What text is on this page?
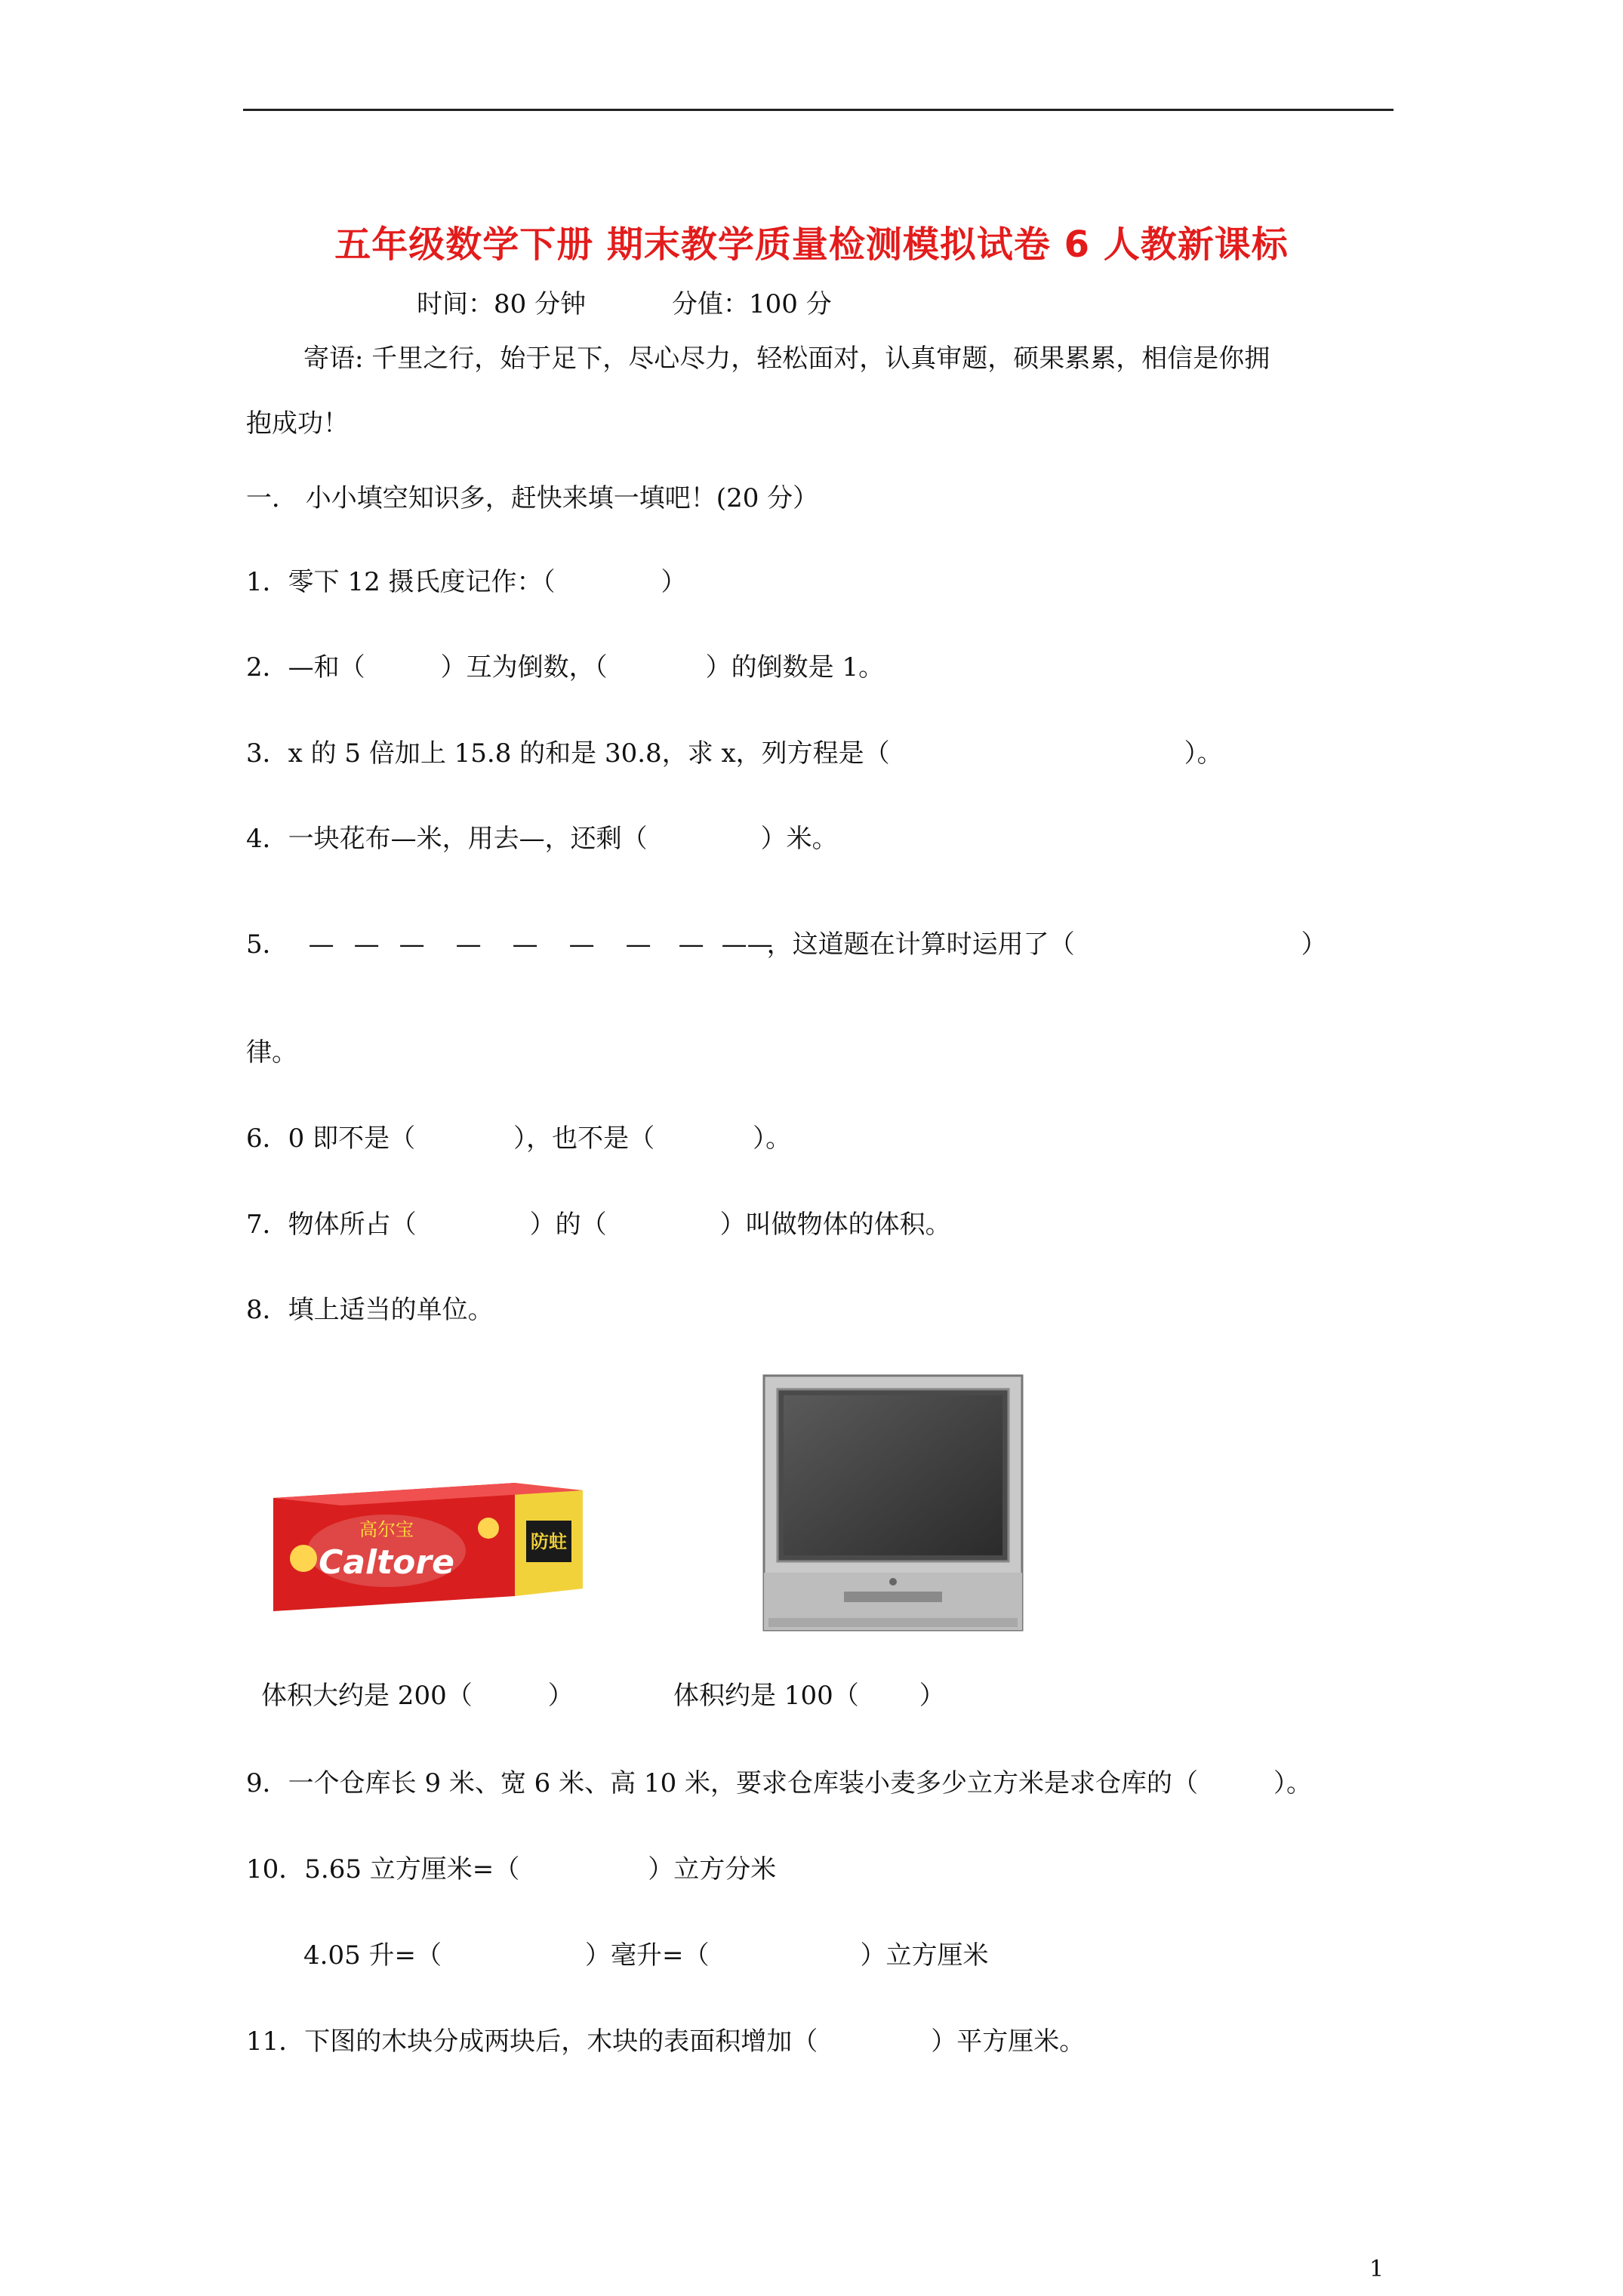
五年级数学下册 期末教学质量检测模拟试卷 6 人教新课标
时间：80 分钟	分值：100 分
寄语: 千里之行，始于足下，尽心尽力，轻松面对，认真审题，硕果累累，相信是你拥
抱成功！
一． 小小填空知识多，赶快来填一填吧！(20 分）
1．零下 12 摄氏度记作：（	）
2．—和（	）互为倒数，（	）的倒数是 1。
3．x 的 5 倍加上 15.8 的和是 30.8，求 x，列方程是（	）。
4．一块花布—米，用去—，还剩（	）米。
5． — — — — — — — — ——，这道题在计算时运用了（	）
律。
6．0 即不是（	），也不是（	）。
7．物体所占（	）的（	）叫做物体的体积。
8．填上适当的单位。
高尔宝
Caltore
防蛀
体积大约是 200（	）	体积约是 100（ ）
9．一个仓库长 9 米、宽 6 米、高 10 米，要求仓库装小麦多少立方米是求仓库的（	）。
10．5.65 立方厘米=（	）立方分米
4.05 升=（	）毫升=（	）立方厘米
11．下图的木块分成两块后，木块的表面积增加（	）平方厘米。
1
